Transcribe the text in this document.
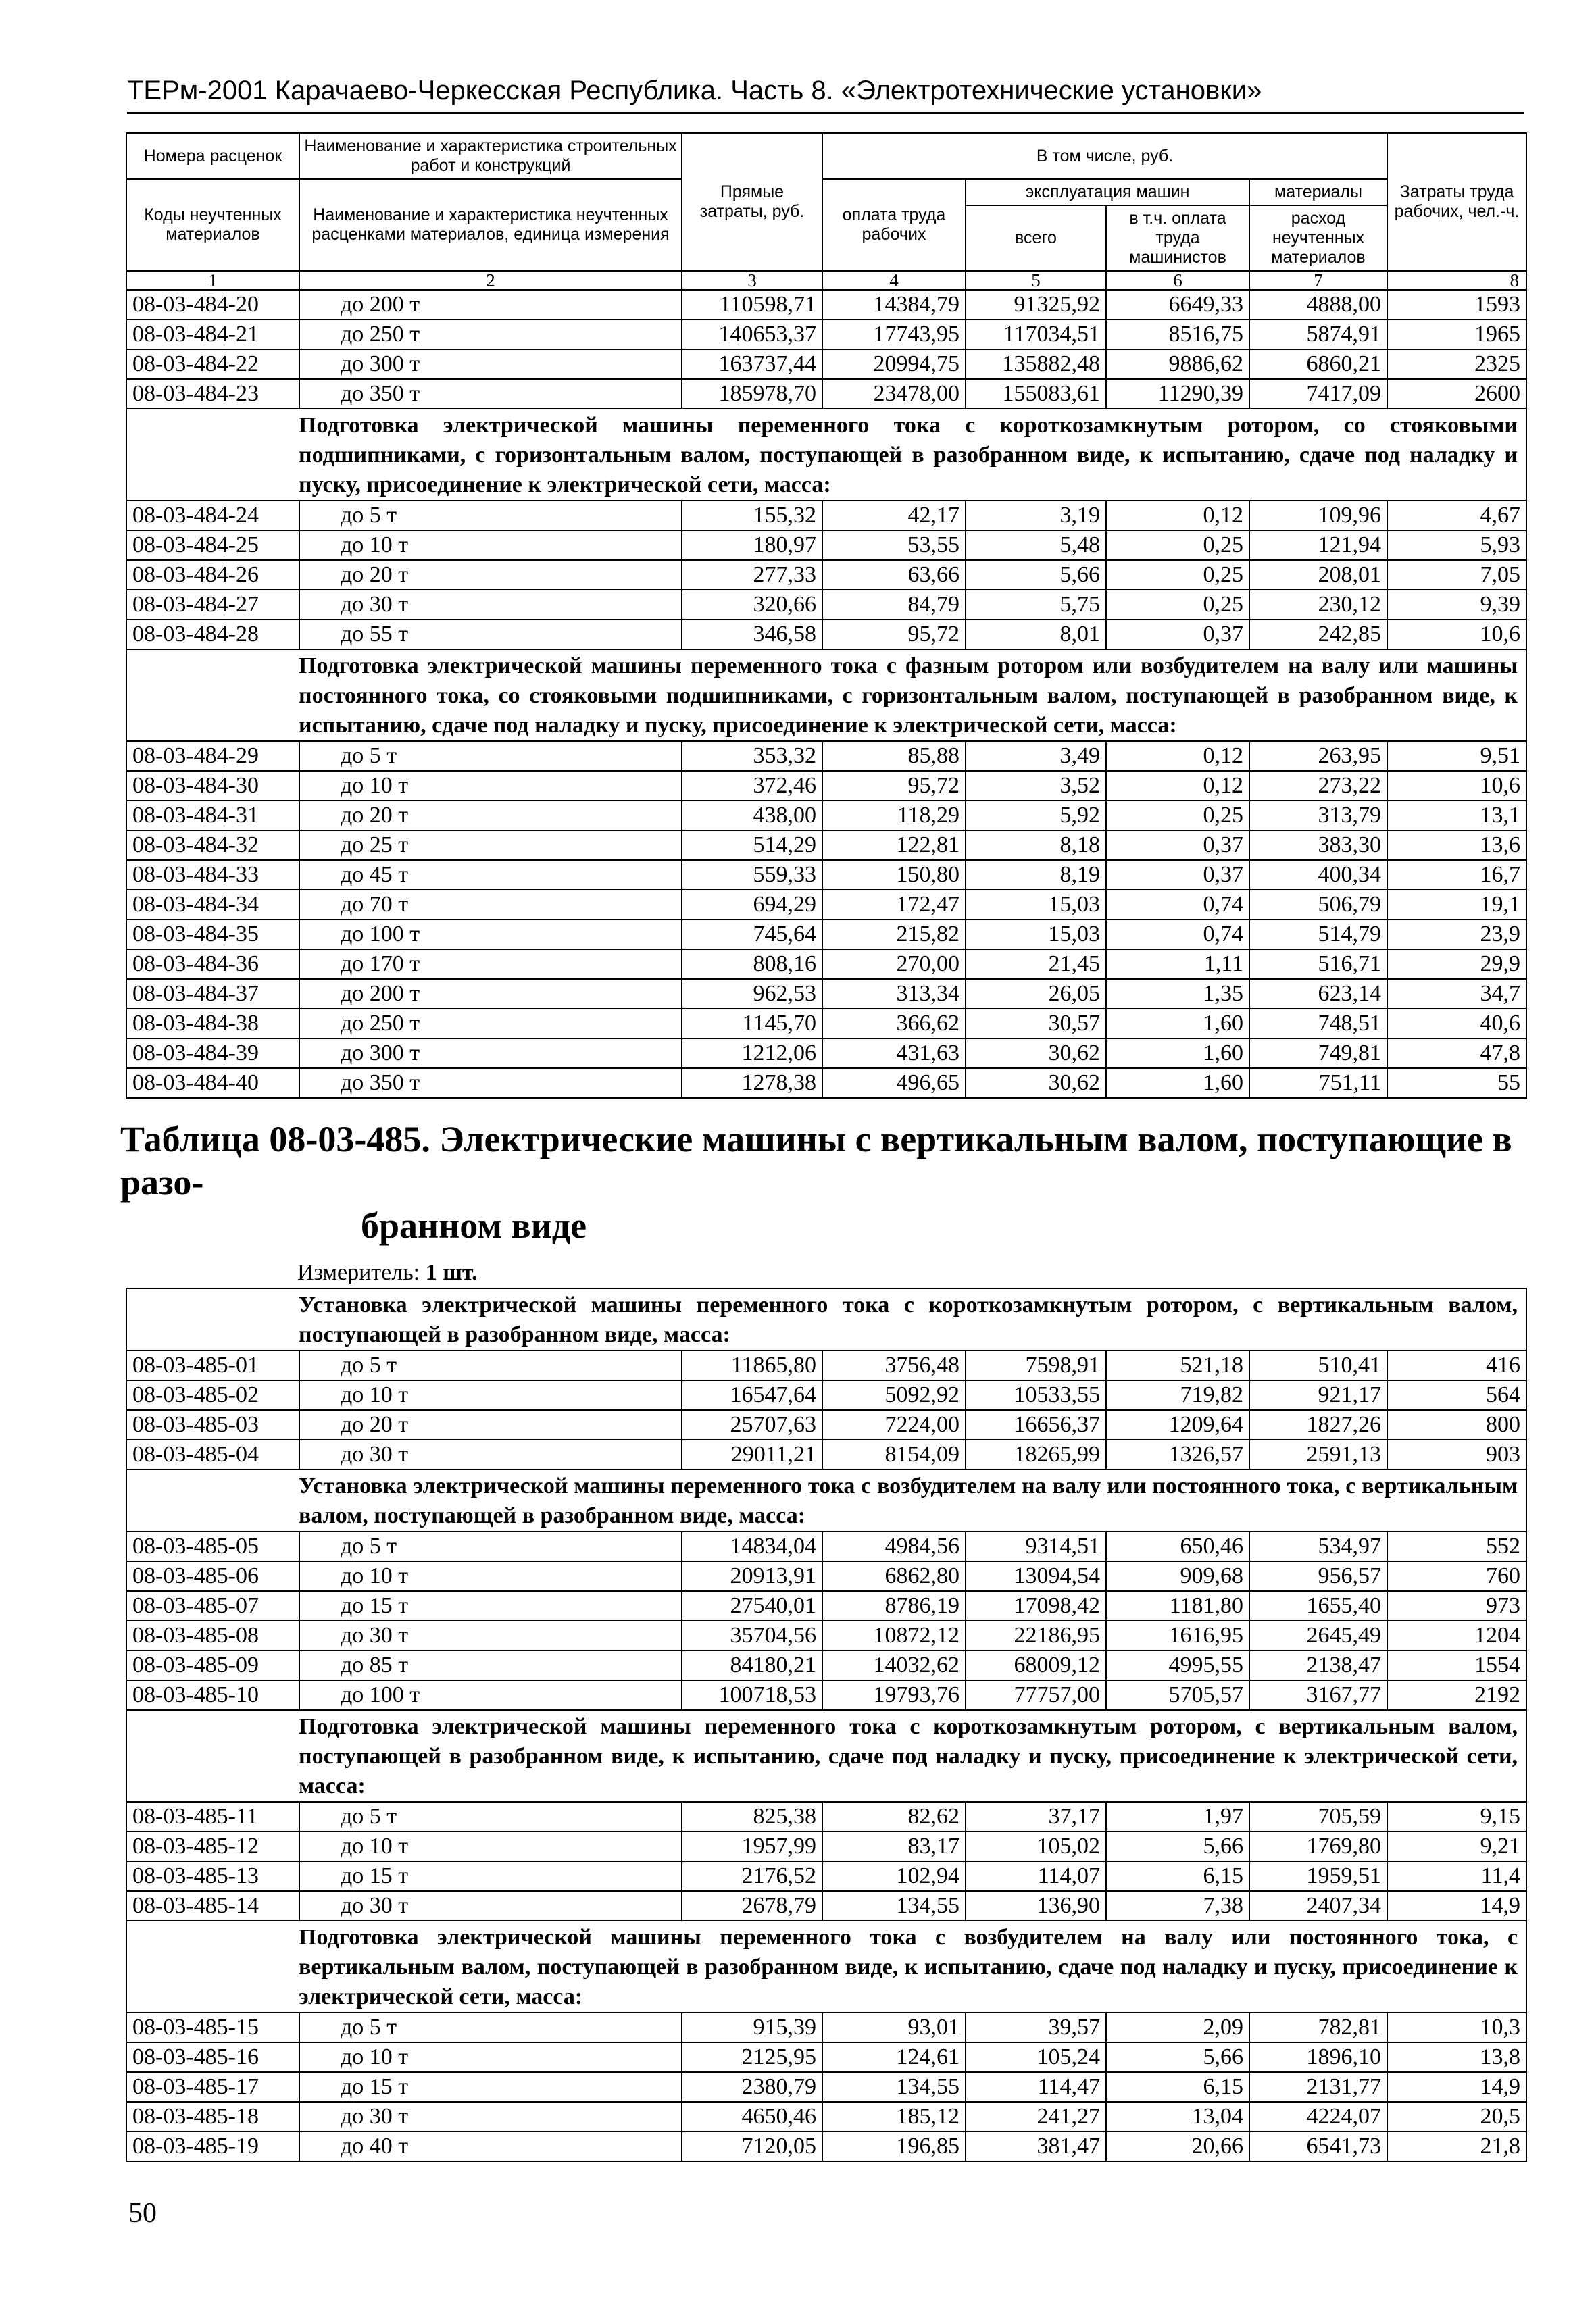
ТЕРм-2001 Карачаево-Черкесская Республика. Часть 8. «Электротехнические установки»
Номера расценок	Наименование и характеристика строительных работ и конструкций	Прямые затраты, руб.	В том числе, руб.				Затраты труда рабочих, чел.-ч.
Коды неучтенных материалов	Наименование и характеристика неучтенных расценками материалов, единица измерения		оплата труда рабочих	эксплуатация машин		материалы	
				всего	в т.ч. оплата труда машинистов	расход неучтенных материалов	
1	2	3	4	5	6	7	8
08-03-484-20	до 200 т	110598,71	14384,79	91325,92	6649,33	4888,00	1593
08-03-484-21	до 250 т	140653,37	17743,95	117034,51	8516,75	5874,91	1965
08-03-484-22	до 300 т	163737,44	20994,75	135882,48	9886,62	6860,21	2325
08-03-484-23	до 350 т	185978,70	23478,00	155083,61	11290,39	7417,09	2600
Подготовка электрической машины переменного тока с короткозамкнутым ротором, со стояковыми подшипниками, с горизонтальным валом, поступающей в разобранном виде, к испытанию, сдаче под наладку и пуску, присоединение к электрической сети, масса:							
08-03-484-24	до 5 т	155,32	42,17	3,19	0,12	109,96	4,67
08-03-484-25	до 10 т	180,97	53,55	5,48	0,25	121,94	5,93
08-03-484-26	до 20 т	277,33	63,66	5,66	0,25	208,01	7,05
08-03-484-27	до 30 т	320,66	84,79	5,75	0,25	230,12	9,39
08-03-484-28	до 55 т	346,58	95,72	8,01	0,37	242,85	10,6
Подготовка электрической машины переменного тока с фазным ротором или возбудителем на валу или машины постоянного тока, со стояковыми подшипниками, с горизонтальным валом, поступающей в разобранном виде, к испытанию, сдаче под наладку и пуску, присоединение к электрической сети, масса:							
08-03-484-29	до 5 т	353,32	85,88	3,49	0,12	263,95	9,51
08-03-484-30	до 10 т	372,46	95,72	3,52	0,12	273,22	10,6
08-03-484-31	до 20 т	438,00	118,29	5,92	0,25	313,79	13,1
08-03-484-32	до 25 т	514,29	122,81	8,18	0,37	383,30	13,6
08-03-484-33	до 45 т	559,33	150,80	8,19	0,37	400,34	16,7
08-03-484-34	до 70 т	694,29	172,47	15,03	0,74	506,79	19,1
08-03-484-35	до 100 т	745,64	215,82	15,03	0,74	514,79	23,9
08-03-484-36	до 170 т	808,16	270,00	21,45	1,11	516,71	29,9
08-03-484-37	до 200 т	962,53	313,34	26,05	1,35	623,14	34,7
08-03-484-38	до 250 т	1145,70	366,62	30,57	1,60	748,51	40,6
08-03-484-39	до 300 т	1212,06	431,63	30,62	1,60	749,81	47,8
08-03-484-40	до 350 т	1278,38	496,65	30,62	1,60	751,11	55
Таблица 08-03-485. Электрические машины с вертикальным валом, поступающие в разо-
бранном виде
Измеритель: 1 шт.
Установка электрической машины переменного тока с короткозамкнутым ротором, с вертикальным валом, поступающей в разобранном виде, масса:							
08-03-485-01	до 5 т	11865,80	3756,48	7598,91	521,18	510,41	416
08-03-485-02	до 10 т	16547,64	5092,92	10533,55	719,82	921,17	564
08-03-485-03	до 20 т	25707,63	7224,00	16656,37	1209,64	1827,26	800
08-03-485-04	до 30 т	29011,21	8154,09	18265,99	1326,57	2591,13	903
Установка электрической машины переменного тока с возбудителем на валу или постоянного тока, с вертикальным валом, поступающей в разобранном виде, масса:							
08-03-485-05	до 5 т	14834,04	4984,56	9314,51	650,46	534,97	552
08-03-485-06	до 10 т	20913,91	6862,80	13094,54	909,68	956,57	760
08-03-485-07	до 15 т	27540,01	8786,19	17098,42	1181,80	1655,40	973
08-03-485-08	до 30 т	35704,56	10872,12	22186,95	1616,95	2645,49	1204
08-03-485-09	до 85 т	84180,21	14032,62	68009,12	4995,55	2138,47	1554
08-03-485-10	до 100 т	100718,53	19793,76	77757,00	5705,57	3167,77	2192
Подготовка электрической машины переменного тока с короткозамкнутым ротором, с вертикальным валом, поступающей в разобранном виде, к испытанию, сдаче под наладку и пуску, присоединение к электрической сети, масса:							
08-03-485-11	до 5 т	825,38	82,62	37,17	1,97	705,59	9,15
08-03-485-12	до 10 т	1957,99	83,17	105,02	5,66	1769,80	9,21
08-03-485-13	до 15 т	2176,52	102,94	114,07	6,15	1959,51	11,4
08-03-485-14	до 30 т	2678,79	134,55	136,90	7,38	2407,34	14,9
Подготовка электрической машины переменного тока с возбудителем на валу или постоянного тока, с вертикальным валом, поступающей в разобранном виде, к испытанию, сдаче под наладку и пуску, присоединение к электрической сети, масса:							
08-03-485-15	до 5 т	915,39	93,01	39,57	2,09	782,81	10,3
08-03-485-16	до 10 т	2125,95	124,61	105,24	5,66	1896,10	13,8
08-03-485-17	до 15 т	2380,79	134,55	114,47	6,15	2131,77	14,9
08-03-485-18	до 30 т	4650,46	185,12	241,27	13,04	4224,07	20,5
08-03-485-19	до 40 т	7120,05	196,85	381,47	20,66	6541,73	21,8
50
